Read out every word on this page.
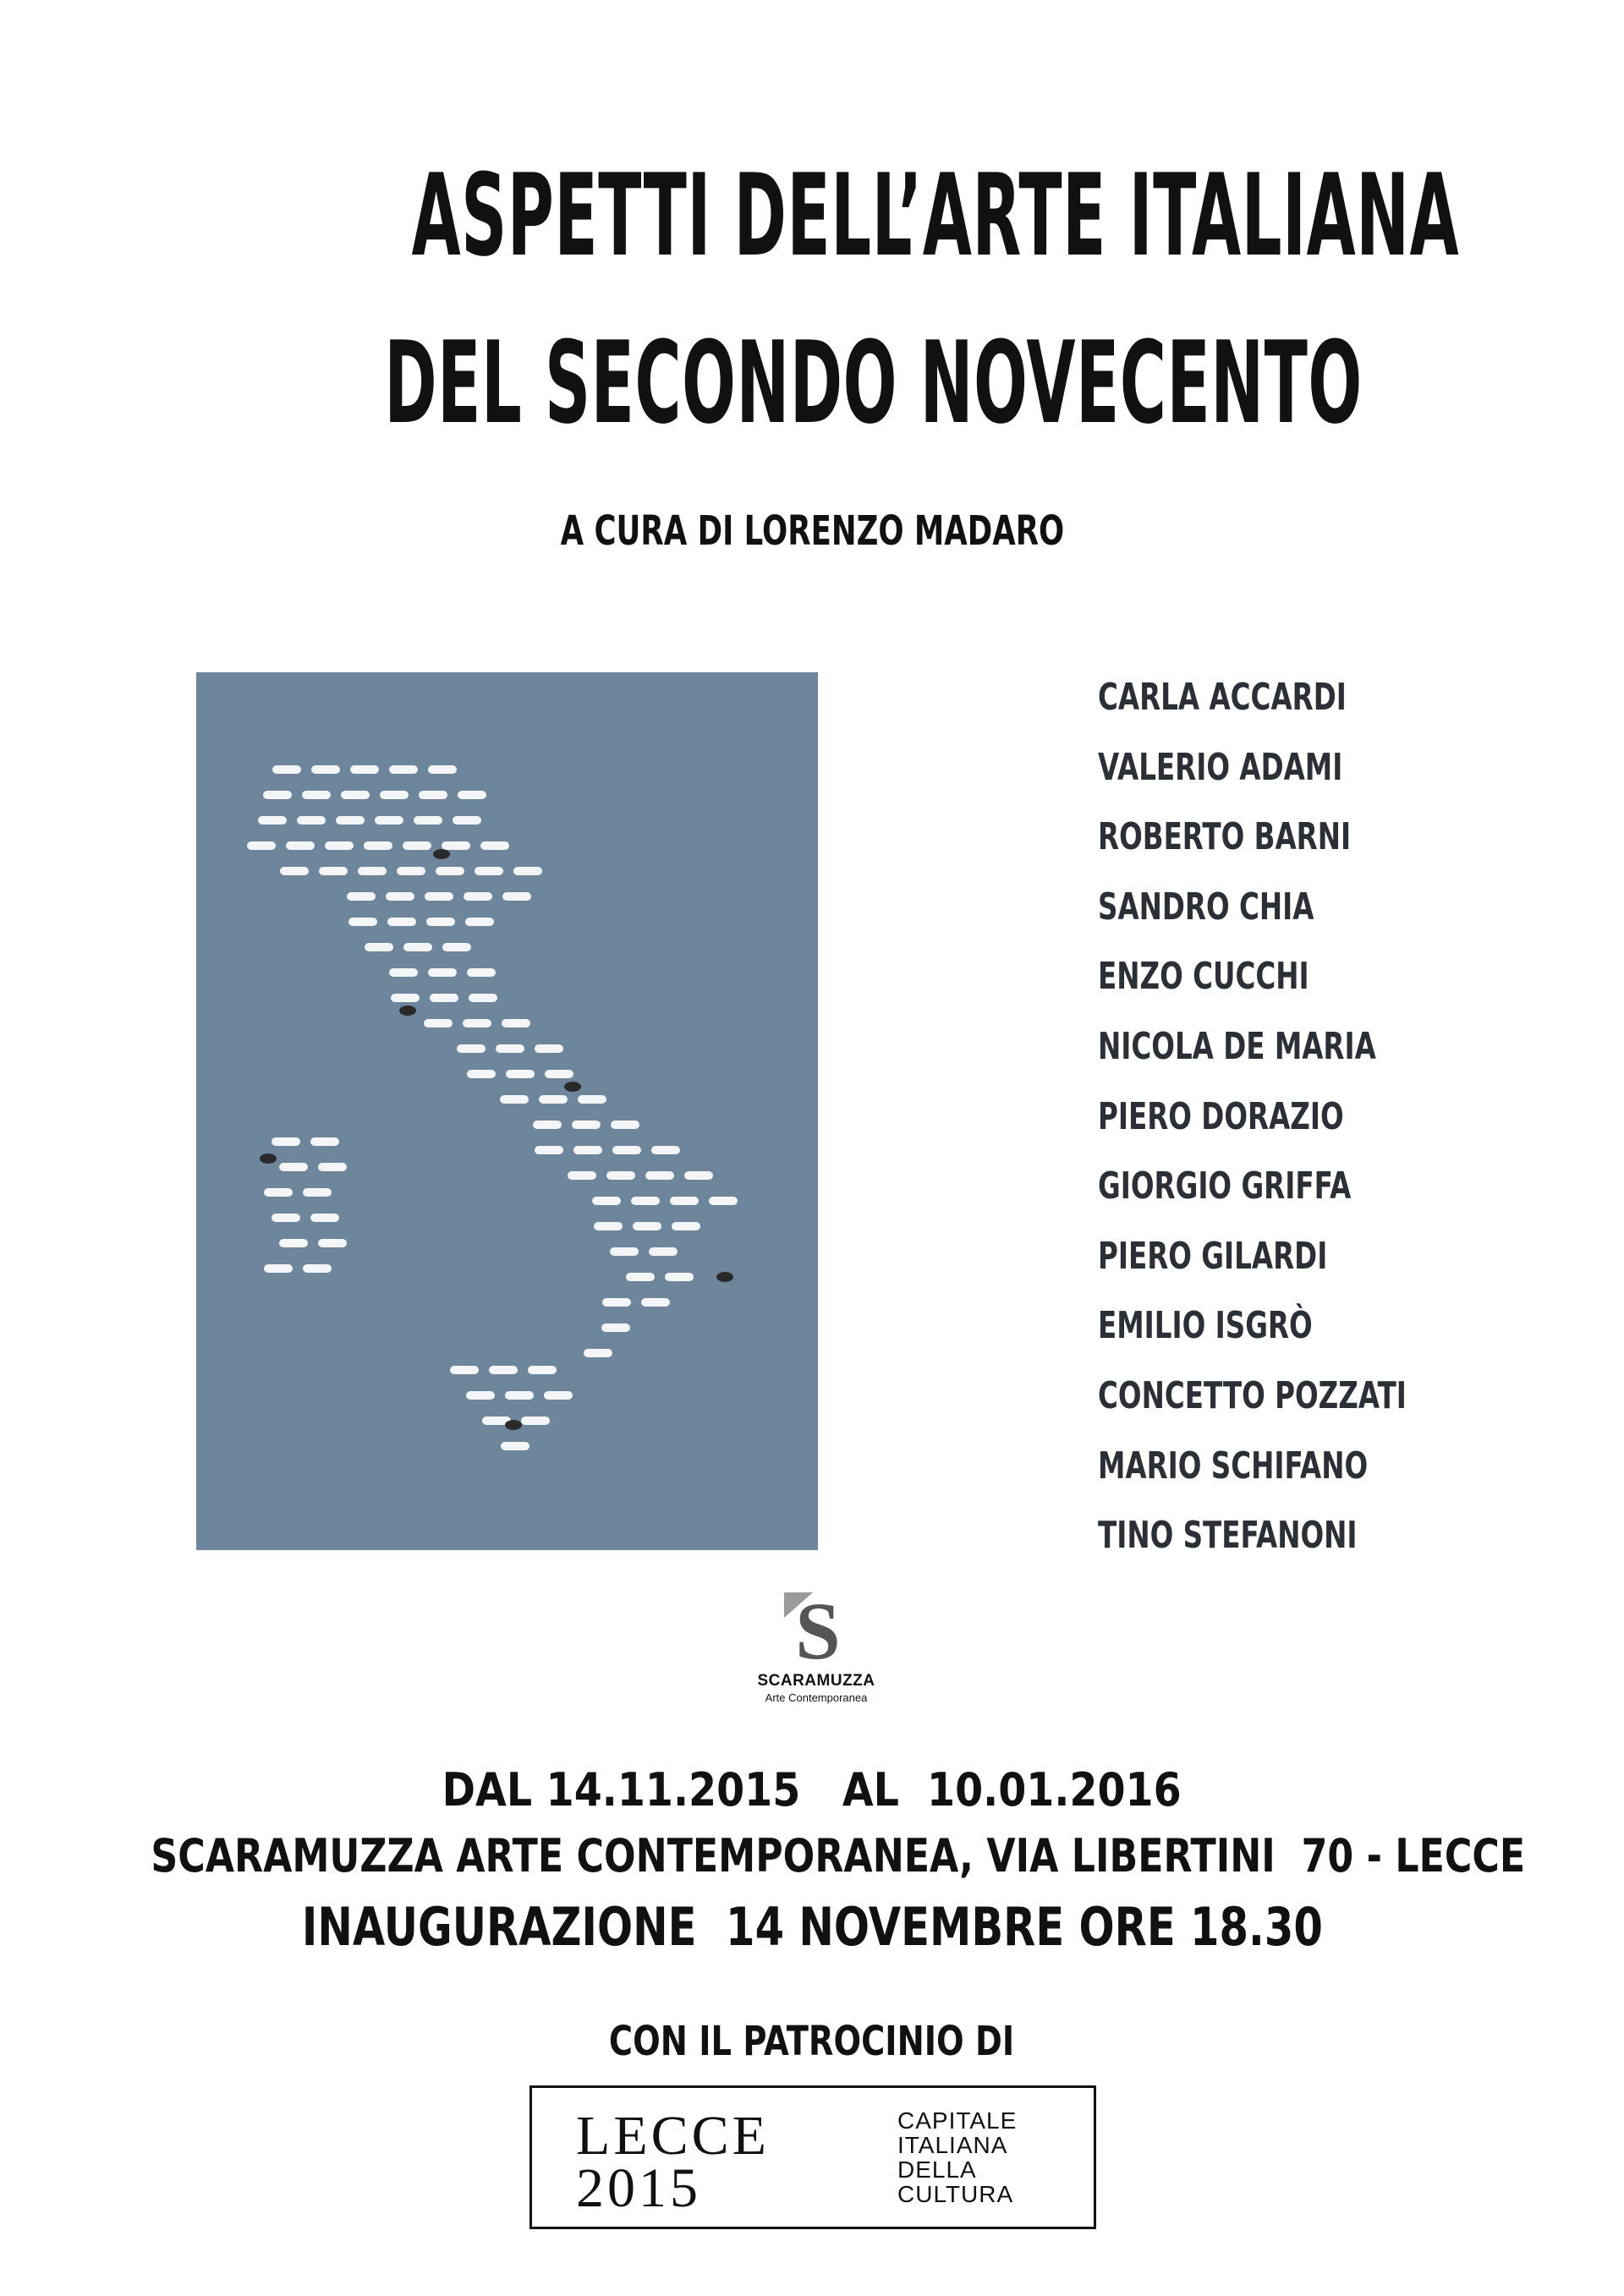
ASPETTI DELL’ARTE ITALIANA
DEL SECONDO NOVECENTO
A CURA DI LORENZO MADARO
CARLA ACCARDI
VALERIO ADAMI
ROBERTO BARNI
SANDRO CHIA
ENZO CUCCHI
NICOLA DE MARIA
PIERO DORAZIO
GIORGIO GRIFFA
PIERO GILARDI
EMILIO ISGRÒ
CONCETTO POZZATI
MARIO SCHIFANO
TINO STEFANONI
S
SCARAMUZZA
Arte Contemporanea
DAL 14.11.2015   AL  10.01.2016
SCARAMUZZA ARTE CONTEMPORANEA, VIA LIBERTINI  70 - LECCE
INAUGURAZIONE  14 NOVEMBRE ORE 18.30
CON IL PATROCINIO DI
LECCE
2015
CAPITALE
ITALIANA
DELLA
CULTURA
